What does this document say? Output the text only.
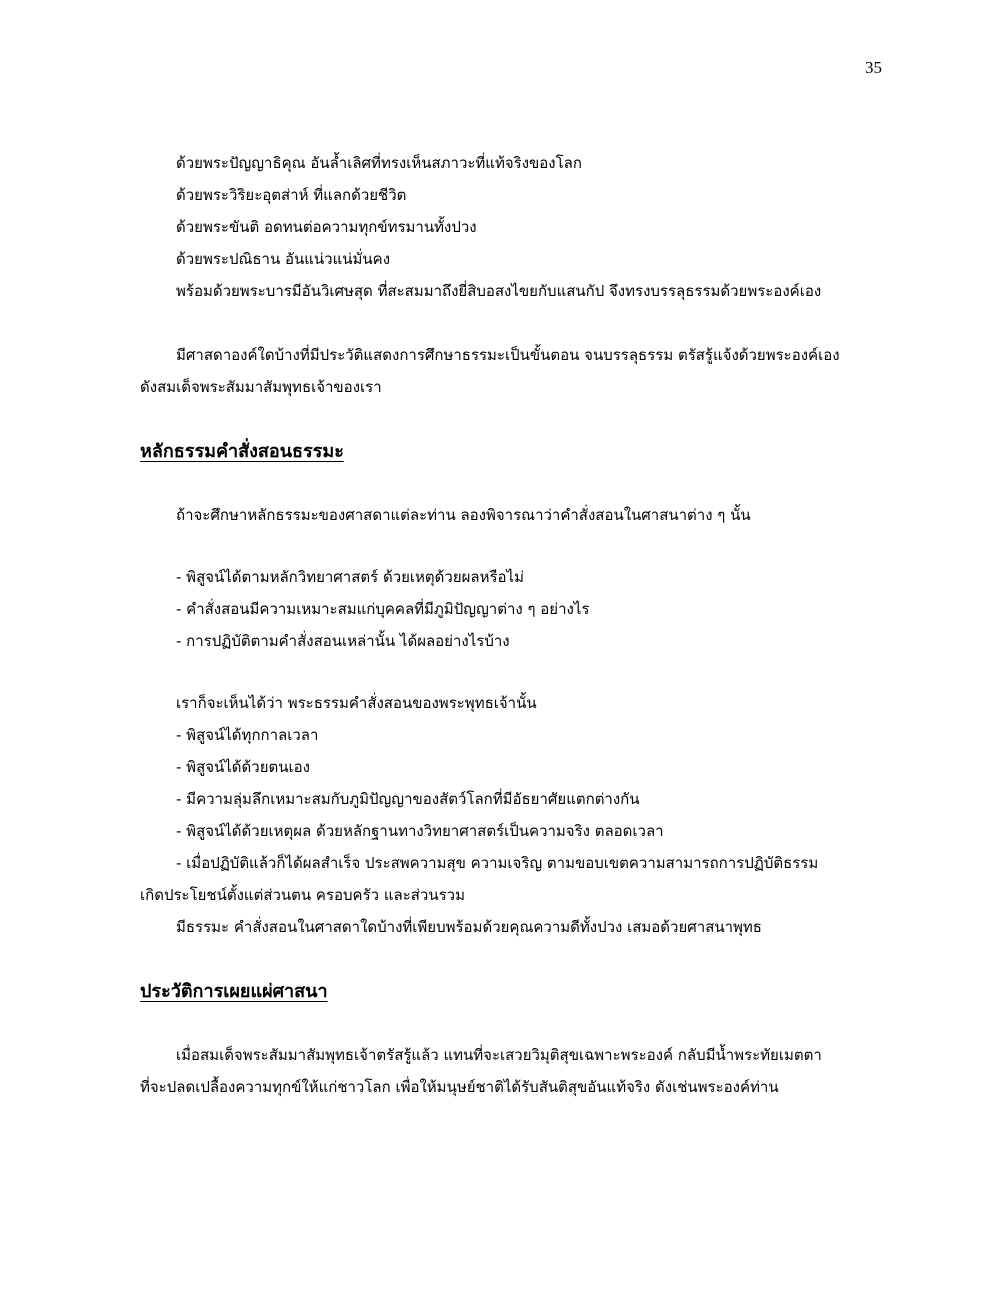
35

ด้วยพระปัญญาธิคุณ อันล้ำเลิศที่ทรงเห็นสภาวะที่แท้จริงของโลก

ด้วยพระวิริยะอุตส่าห์ ที่แลกด้วยชีวิต

ด้วยพระขันติ อดทนต่อความทุกข์ทรมานทั้งปวง

ด้วยพระปณิธาน อันแน่วแน่มั่นคง

พร้อมด้วยพระบารมีอันวิเศษสุด ที่สะสมมาถึงยี่สิบอสงไขยกับแสนกัป จึงทรงบรรลุธรรมด้วยพระองค์เอง

มีศาสดาองค์ใดบ้างที่มีประวัติแสดงการศึกษาธรรมะเป็นขั้นตอน จนบรรลุธรรม ตรัสรู้แจ้งด้วยพระองค์เอง

ดังสมเด็จพระสัมมาสัมพุทธเจ้าของเรา

หลักธรรมคำสั่งสอนธรรมะ

ถ้าจะศึกษาหลักธรรมะของศาสดาแต่ละท่าน ลองพิจารณาว่าคำสั่งสอนในศาสนาต่าง ๆ นั้น

- พิสูจน์ได้ตามหลักวิทยาศาสตร์ ด้วยเหตุด้วยผลหรือไม่

- คำสั่งสอนมีความเหมาะสมแก่บุคคลที่มีภูมิปัญญาต่าง ๆ อย่างไร

- การปฏิบัติตามคำสั่งสอนเหล่านั้น ได้ผลอย่างไรบ้าง

เราก็จะเห็นได้ว่า พระธรรมคำสั่งสอนของพระพุทธเจ้านั้น

- พิสูจน์ได้ทุกกาลเวลา

- พิสูจน์ได้ด้วยตนเอง

- มีความลุ่มลึกเหมาะสมกับภูมิปัญญาของสัตว์โลกที่มีอัธยาศัยแตกต่างกัน

- พิสูจน์ได้ด้วยเหตุผล ด้วยหลักฐานทางวิทยาศาสตร์เป็นความจริง ตลอดเวลา

- เมื่อปฏิบัติแล้วก็ได้ผลสำเร็จ ประสพความสุข ความเจริญ ตามขอบเขตความสามารถการปฏิบัติธรรม

เกิดประโยชน์ตั้งแต่ส่วนตน ครอบครัว และส่วนรวม

มีธรรมะ คำสั่งสอนในศาสดาใดบ้างที่เพียบพร้อมด้วยคุณความดีทั้งปวง เสมอด้วยศาสนาพุทธ

ประวัติการเผยแผ่ศาสนา

เมื่อสมเด็จพระสัมมาสัมพุทธเจ้าตรัสรู้แล้ว แทนที่จะเสวยวิมุติสุขเฉพาะพระองค์ กลับมีน้ำพระทัยเมตตา

ที่จะปลดเปลื้องความทุกข์ให้แก่ชาวโลก เพื่อให้มนุษย์ชาติได้รับสันติสุขอันแท้จริง ดังเช่นพระองค์ท่าน
